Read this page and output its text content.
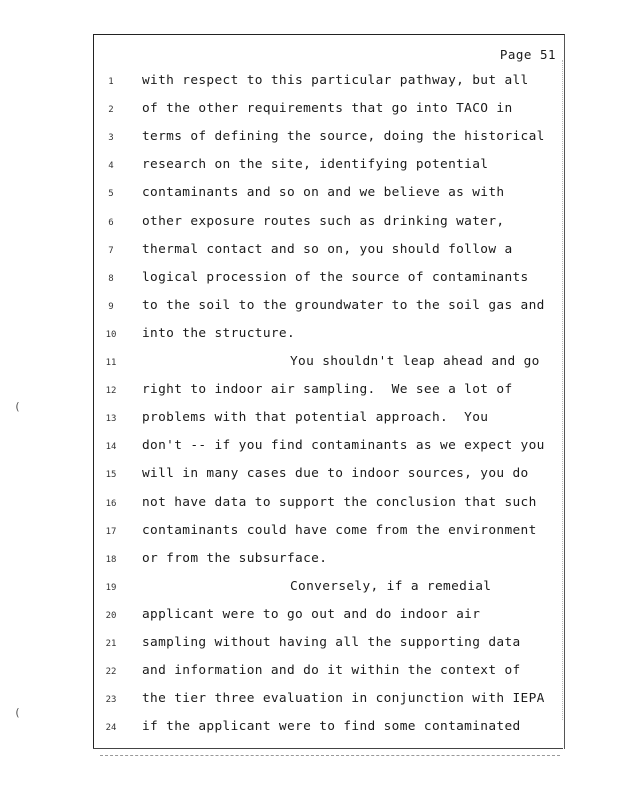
Page 51
(
(
1	with respect to this particular pathway, but all
2	of the other requirements that go into TACO in
3	terms of defining the source, doing the historical
4	research on the site, identifying potential
5	contaminants and so on and we believe as with
6	other exposure routes such as drinking water,
7	thermal contact and so on, you should follow a
8	logical procession of the source of contaminants
9	to the soil to the groundwater to the soil gas and
10	into the structure.
11	You shouldn't leap ahead and go
12	right to indoor air sampling.  We see a lot of
13	problems with that potential approach.  You
14	don't -- if you find contaminants as we expect you
15	will in many cases due to indoor sources, you do
16	not have data to support the conclusion that such
17	contaminants could have come from the environment
18	or from the subsurface.
19	Conversely, if a remedial
20	applicant were to go out and do indoor air
21	sampling without having all the supporting data
22	and information and do it within the context of
23	the tier three evaluation in conjunction with IEPA
24	if the applicant were to find some contaminated
